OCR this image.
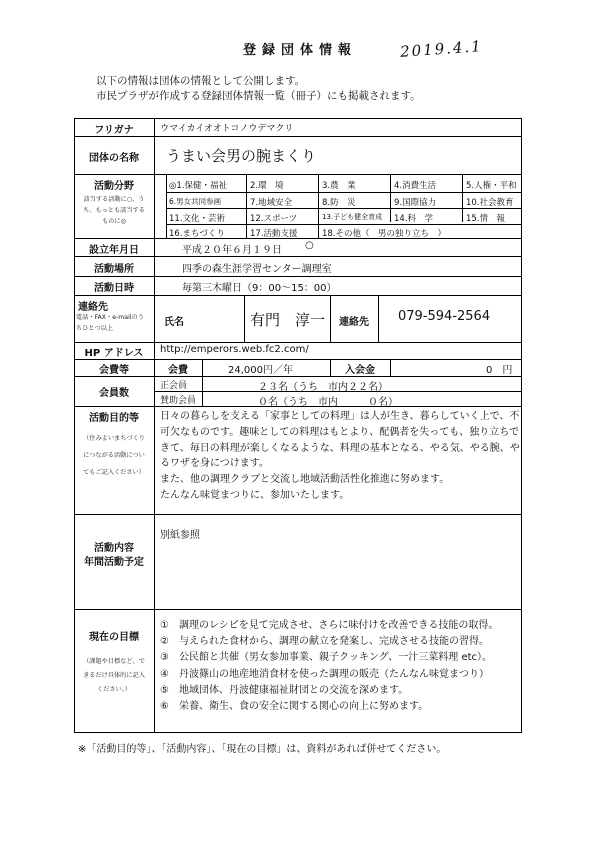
登録団体情報	2019.4.1
以下の情報は団体の情報として公開します。
市民プラザが作成する登録団体情報一覧（冊子）にも掲載されます。
フリガナ	ウマイカイオオトコノウデマクリ
団体の名称	うまい会男の腕まくり
活動分野
該当する活動に○、う
ち、もっとも該当する
ものに◎
◎1.保健・福祉	2.環　境	3.農　業	4.消費生活	5.人権・平和
6.男女共同参画	7.地域安全	8.防　災	9.国際協力	10.社会教育
11.文化・芸術	12.スポーツ	13.子ども健全育成 14.科　学	15.情　報
16.まちづくり	17.活動支援	18.その他（　男の独り立ち　）
設立年月日	平成２０年６月１９日 ○
活動場所	四季の森生涯学習センター調理室
活動日時	毎第三木曜日（9：00～15：00）
連絡先
電話・FAX・e-mailのう
ちひとつ以上
氏名	有門　淳一	連絡先	079-594-2564
HP アドレス	http://emperors.web.fc2.com/
会費等	会費	24,000円／年	入会金	0　円
会員数
正会員	２３名（うち　市内２２名）
賛助会員	０名（うち　市内　　　０名）
活動目的等
（住みよいまちづくり
につながる活動につい
てもご記入ください）
日々の暮らしを支える「家事としての料理」は人が生き、暮らしていく上で、不
可欠なものです。趣味としての料理はもとより、配偶者を失っても、独り立ちで
きて、毎日の料理が楽しくなるような、料理の基本となる、やる気、やる腕、や
るワザを身につけます。
また、他の調理クラブと交流し地域活動活性化推進に努めます。
たんなん味覚まつりに、参加いたします。
活動内容
年間活動予定
別紙参照
現在の目標
（課題や目標など、で
きるだけ具体的に記入
ください。）
①　調理のレシピを見て完成させ、さらに味付けを改善できる技能の取得。
②　与えられた食材から、調理の献立を発案し、完成させる技能の習得。
③　公民館と共催（男女参加事業、親子クッキング、一汁三菜料理 etc）。
④　丹波篠山の地産地消食材を使った調理の販売（たんなん味覚まつり）
⑤　地域団体、丹波健康福祉財団との交流を深めます。
⑥　栄養、衛生、食の安全に関する関心の向上に努めます。
※「活動目的等」、「活動内容」、「現在の目標」は、資料があれば併せてください。
